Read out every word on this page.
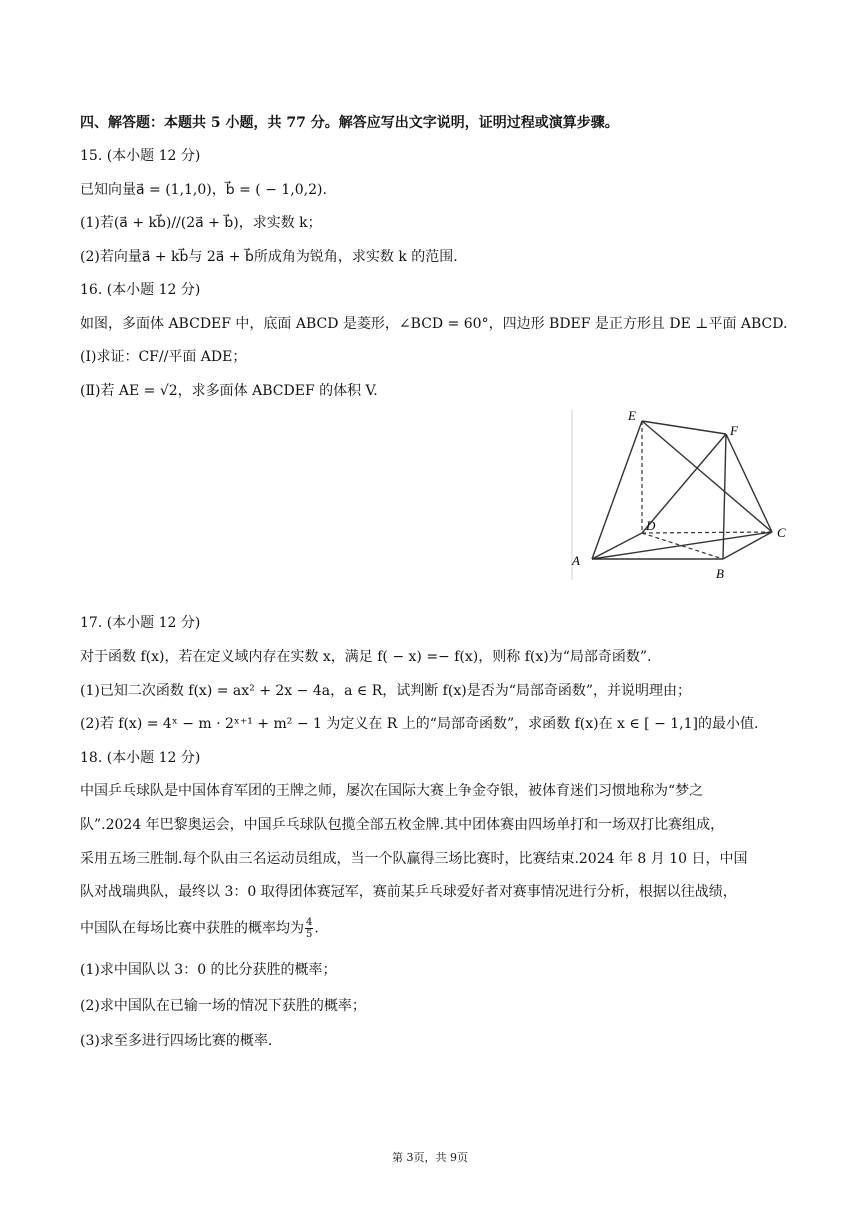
四、解答题：本题共 5 小题，共 77 分。解答应写出文字说明，证明过程或演算步骤。
15. (本小题 12 分)
已知向量a⃗ = (1,1,0)，b⃗ = ( − 1,0,2).
(1)若(a⃗ + kb⃗)//(2a⃗ + b⃗)，求实数 k；
(2)若向量a⃗ + kb⃗与 2a⃗ + b⃗所成角为锐角，求实数 k 的范围.
16. (本小题 12 分)
如图，多面体 ABCDEF 中，底面 ABCD 是菱形，∠BCD = 60°，四边形 BDEF 是正方形且 DE ⊥平面 ABCD.
(Ⅰ)求证：CF//平面 ADE；
(Ⅱ)若 AE = √2，求多面体 ABCDEF 的体积 V.
E
F
D	C
A
B
17. (本小题 12 分)
对于函数 f(x)，若在定义域内存在实数 x，满足 f( − x) =− f(x)，则称 f(x)为“局部奇函数”.
(1)已知二次函数 f(x) = ax² + 2x − 4a，a ∈ R，试判断 f(x)是否为“局部奇函数”，并说明理由；
(2)若 f(x) = 4ˣ − m · 2ˣ⁺¹ + m² − 1 为定义在 R 上的“局部奇函数”，求函数 f(x)在 x ∈ [ − 1,1]的最小值.
18. (本小题 12 分)
中国乒乓球队是中国体育军团的王牌之师，屡次在国际大赛上争金夺银，被体育迷们习惯地称为“梦之
队”.2024 年巴黎奥运会，中国乒乓球队包揽全部五枚金牌.其中团体赛由四场单打和一场双打比赛组成，
采用五场三胜制.每个队由三名运动员组成，当一个队赢得三场比赛时，比赛结束.2024 年 8 月 10 日，中国
队对战瑞典队，最终以 3：0 取得团体赛冠军，赛前某乒乓球爱好者对赛事情况进行分析，根据以往战绩，
中国队在每场比赛中获胜的概率均为 $\frac{4}{5}$ .
(1)求中国队以 3：0 的比分获胜的概率；
(2)求中国队在已输一场的情况下获胜的概率；
(3)求至多进行四场比赛的概率.
第 3页，共 9页
